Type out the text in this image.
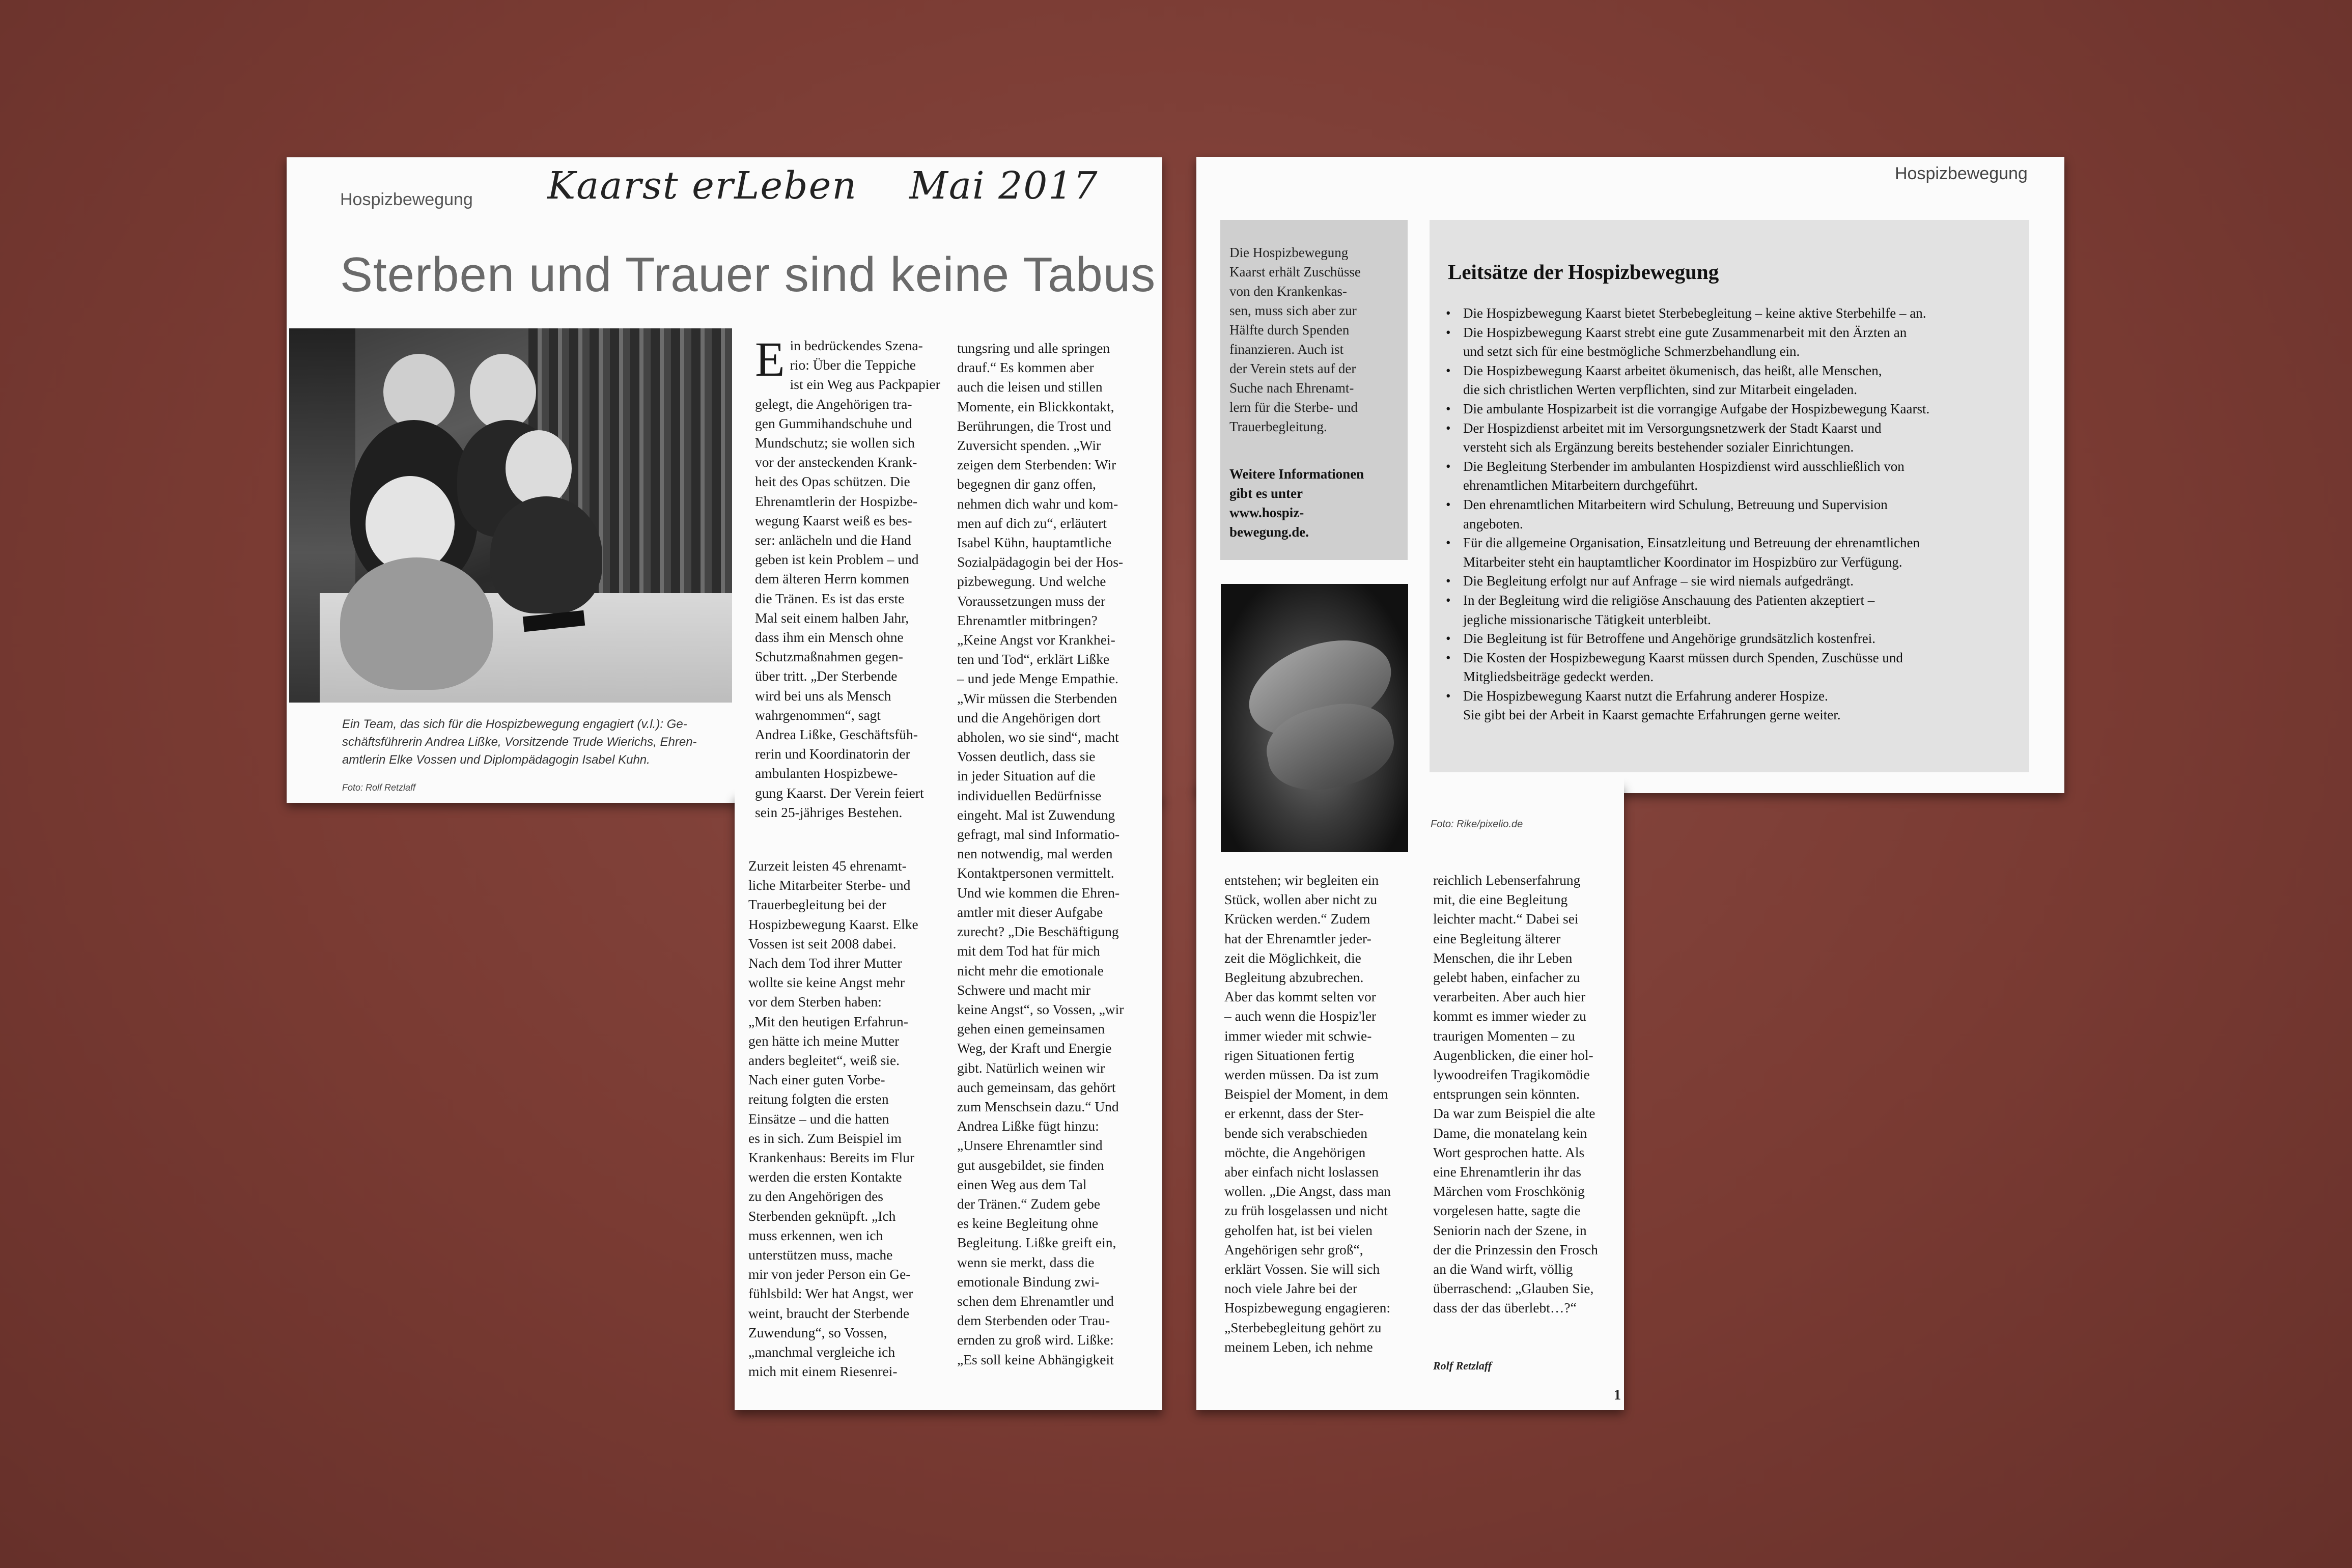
Hospizbewegung Kaarst erLeben    Mai 2017
Sterben und Trauer sind keine Tabus
Ein Team, das sich für die Hospizbewegung engagiert (v.l.): Ge-
schäftsführerin Andrea Lißke, Vorsitzende Trude Wierichs, Ehren-
amtlerin Elke Vossen und Diplompädagogin Isabel Kuhn.
Foto: Rolf Retzlaff
E in bedrückendes Szena-
rio: Über die Teppiche
ist ein Weg aus Packpapier
gelegt, die Angehörigen tra-
gen Gummihandschuhe und
Mundschutz; sie wollen sich
vor der ansteckenden Krank-
heit des Opas schützen. Die
Ehrenamtlerin der Hospizbe-
wegung Kaarst weiß es bes-
ser: anlächeln und die Hand
geben ist kein Problem – und
dem älteren Herrn kommen
die Tränen. Es ist das erste
Mal seit einem halben Jahr,
dass ihm ein Mensch ohne
Schutzmaßnahmen gegen-
über tritt. „Der Sterbende
wird bei uns als Mensch
wahrgenommen“, sagt
Andrea Lißke, Geschäftsfüh-
rerin und Koordinatorin der
ambulanten Hospizbewe-
gung Kaarst. Der Verein feiert
sein 25-jähriges Bestehen.

Zurzeit leisten 45 ehrenamt-
liche Mitarbeiter Sterbe- und
Trauerbegleitung bei der
Hospizbewegung Kaarst. Elke
Vossen ist seit 2008 dabei.
Nach dem Tod ihrer Mutter
wollte sie keine Angst mehr
vor dem Sterben haben:
„Mit den heutigen Erfahrun-
gen hätte ich meine Mutter
anders begleitet“, weiß sie.
Nach einer guten Vorbe-
reitung folgten die ersten
Einsätze – und die hatten
es in sich. Zum Beispiel im
Krankenhaus: Bereits im Flur
werden die ersten Kontakte
zu den Angehörigen des
Sterbenden geknüpft. „Ich
muss erkennen, wen ich
unterstützen muss, mache
mir von jeder Person ein Ge-
fühlsbild: Wer hat Angst, wer
weint, braucht der Sterbende
Zuwendung“, so Vossen,
„manchmal vergleiche ich
mich mit einem Riesenrei-

tungsring und alle springen
drauf.“ Es kommen aber
auch die leisen und stillen
Momente, ein Blickkontakt,
Berührungen, die Trost und
Zuversicht spenden. „Wir
zeigen dem Sterbenden: Wir
begegnen dir ganz offen,
nehmen dich wahr und kom-
men auf dich zu“, erläutert
Isabel Kühn, hauptamtliche
Sozialpädagogin bei der Hos-
pizbewegung. Und welche
Voraussetzungen muss der
Ehrenamtler mitbringen?
„Keine Angst vor Krankhei-
ten und Tod“, erklärt Lißke
– und jede Menge Empathie.
„Wir müssen die Sterbenden
und die Angehörigen dort
abholen, wo sie sind“, macht
Vossen deutlich, dass sie
in jeder Situation auf die
individuellen Bedürfnisse
eingeht. Mal ist Zuwendung
gefragt, mal sind Informatio-
nen notwendig, mal werden
Kontaktpersonen vermittelt.
Und wie kommen die Ehren-
amtler mit dieser Aufgabe
zurecht? „Die Beschäftigung
mit dem Tod hat für mich
nicht mehr die emotionale
Schwere und macht mir
keine Angst“, so Vossen, „wir
gehen einen gemeinsamen
Weg, der Kraft und Energie
gibt. Natürlich weinen wir
auch gemeinsam, das gehört
zum Menschsein dazu.“ Und
Andrea Lißke fügt hinzu:
„Unsere Ehrenamtler sind
gut ausgebildet, sie finden
einen Weg aus dem Tal
der Tränen.“ Zudem gebe
es keine Begleitung ohne
Begleitung. Lißke greift ein,
wenn sie merkt, dass die
emotionale Bindung zwi-
schen dem Ehrenamtler und
dem Sterbenden oder Trau-
ernden zu groß wird. Lißke:
„Es soll keine Abhängigkeit

Hospizbewegung
Die Hospizbewegung
Kaarst erhält Zuschüsse
von den Krankenkas-
sen, muss sich aber zur
Hälfte durch Spenden
finanzieren. Auch ist
der Verein stets auf der
Suche nach Ehrenamt-
lern für die Sterbe- und
Trauerbegleitung.
Weitere Informationen
gibt es unter
www.hospiz-
bewegung.de.
Foto: Rike/pixelio.de
Leitsätze der Hospizbewegung
• Die Hospizbewegung Kaarst bietet Sterbebegleitung – keine aktive Sterbehilfe – an.
• Die Hospizbewegung Kaarst strebt eine gute Zusammenarbeit mit den Ärzten an
und setzt sich für eine bestmögliche Schmerzbehandlung ein.
• Die Hospizbewegung Kaarst arbeitet ökumenisch, das heißt, alle Menschen,
die sich christlichen Werten verpflichten, sind zur Mitarbeit eingeladen.
• Die ambulante Hospizarbeit ist die vorrangige Aufgabe der Hospizbewegung Kaarst.
• Der Hospizdienst arbeitet mit im Versorgungsnetzwerk der Stadt Kaarst und
versteht sich als Ergänzung bereits bestehender sozialer Einrichtungen.
• Die Begleitung Sterbender im ambulanten Hospizdienst wird ausschließlich von
ehrenamtlichen Mitarbeitern durchgeführt.
• Den ehrenamtlichen Mitarbeitern wird Schulung, Betreuung und Supervision
angeboten.
• Für die allgemeine Organisation, Einsatzleitung und Betreuung der ehrenamtlichen
Mitarbeiter steht ein hauptamtlicher Koordinator im Hospizbüro zur Verfügung.
• Die Begleitung erfolgt nur auf Anfrage – sie wird niemals aufgedrängt.
• In der Begleitung wird die religiöse Anschauung des Patienten akzeptiert –
jegliche missionarische Tätigkeit unterbleibt.
• Die Begleitung ist für Betroffene und Angehörige grundsätzlich kostenfrei.
• Die Kosten der Hospizbewegung Kaarst müssen durch Spenden, Zuschüsse und
Mitgliedsbeiträge gedeckt werden.
• Die Hospizbewegung Kaarst nutzt die Erfahrung anderer Hospize.
Sie gibt bei der Arbeit in Kaarst gemachte Erfahrungen gerne weiter.

entstehen; wir begleiten ein
Stück, wollen aber nicht zu
Krücken werden.“ Zudem
hat der Ehrenamtler jeder-
zeit die Möglichkeit, die
Begleitung abzubrechen.
Aber das kommt selten vor
– auch wenn die Hospiz'ler
immer wieder mit schwie-
rigen Situationen fertig
werden müssen. Da ist zum
Beispiel der Moment, in dem
er erkennt, dass der Ster-
bende sich verabschieden
möchte, die Angehörigen
aber einfach nicht loslassen
wollen. „Die Angst, dass man
zu früh losgelassen und nicht
geholfen hat, ist bei vielen
Angehörigen sehr groß“,
erklärt Vossen. Sie will sich
noch viele Jahre bei der
Hospizbewegung engagieren:
„Sterbebegleitung gehört zu
meinem Leben, ich nehme

reichlich Lebenserfahrung
mit, die eine Begleitung
leichter macht.“ Dabei sei
eine Begleitung älterer
Menschen, die ihr Leben
gelebt haben, einfacher zu
verarbeiten. Aber auch hier
kommt es immer wieder zu
traurigen Momenten – zu
Augenblicken, die einer hol-
lywoodreifen Tragikomödie
entsprungen sein könnten.
Da war zum Beispiel die alte
Dame, die monatelang kein
Wort gesprochen hatte. Als
eine Ehrenamtlerin ihr das
Märchen vom Froschkönig
vorgelesen hatte, sagte die
Seniorin nach der Szene, in
der die Prinzessin den Frosch
an die Wand wirft, völlig
überraschend: „Glauben Sie,
dass der das überlebt…?“

Rolf Retzlaff
1
